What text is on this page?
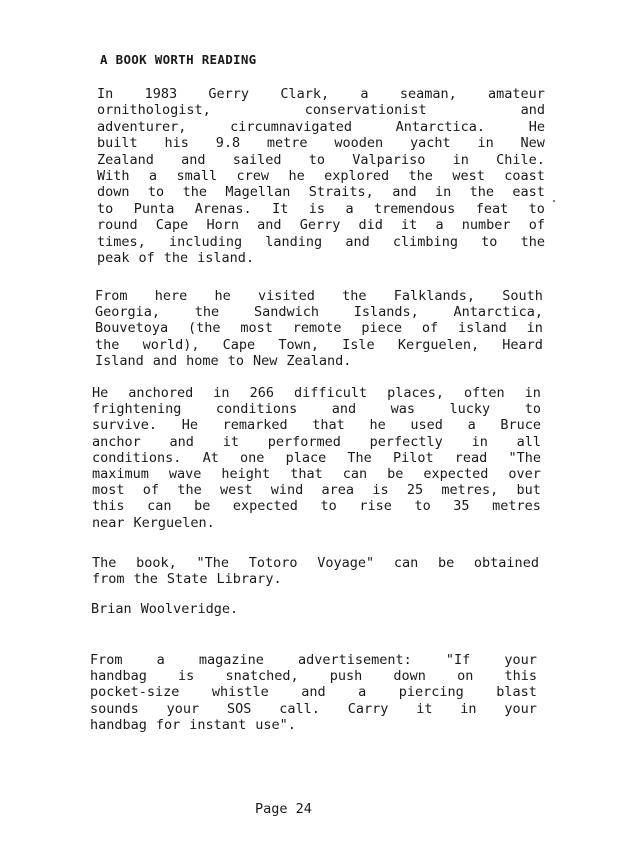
A BOOK WORTH READING
In 1983 Gerry Clark, a seaman, amateur
ornithologist,	conservationist	and
adventurer,	circumnavigated	Antarctica.	He
built his 9.8 metre wooden yacht in New
Zealand and sailed to Valpariso in Chile.
With a small crew he explored the west coast
down to the Magellan Straits, and in the east
to Punta Arenas. It is a tremendous feat to
round Cape Horn and Gerry did it a number of
times, including landing and climbing to the
peak of the island.
From here he visited the Falklands, South
Georgia,	the	Sandwich	Islands,	Antarctica,
Bouvetoya (the most remote piece of island in
the world), Cape Town, Isle Kerguelen, Heard
Island and home to New Zealand.
He anchored in 266 difficult places, often in
frightening	conditions	and	was	lucky	to
survive. He remarked that he used a Bruce
anchor and it performed perfectly in all
conditions. At one place The Pilot read "The
maximum wave height that can be expected over
most of the west wind area is 25 metres, but
this can be expected to rise to 35 metres
near Kerguelen.
The book, "The Totoro Voyage" can be obtained
from the State Library.
Brian Woolveridge.
From	a	magazine	advertisement:	"If	your
handbag is snatched, push down on this
pocket-size whistle and a piercing blast
sounds your SOS call. Carry it in your
handbag for instant use".
Page 24
